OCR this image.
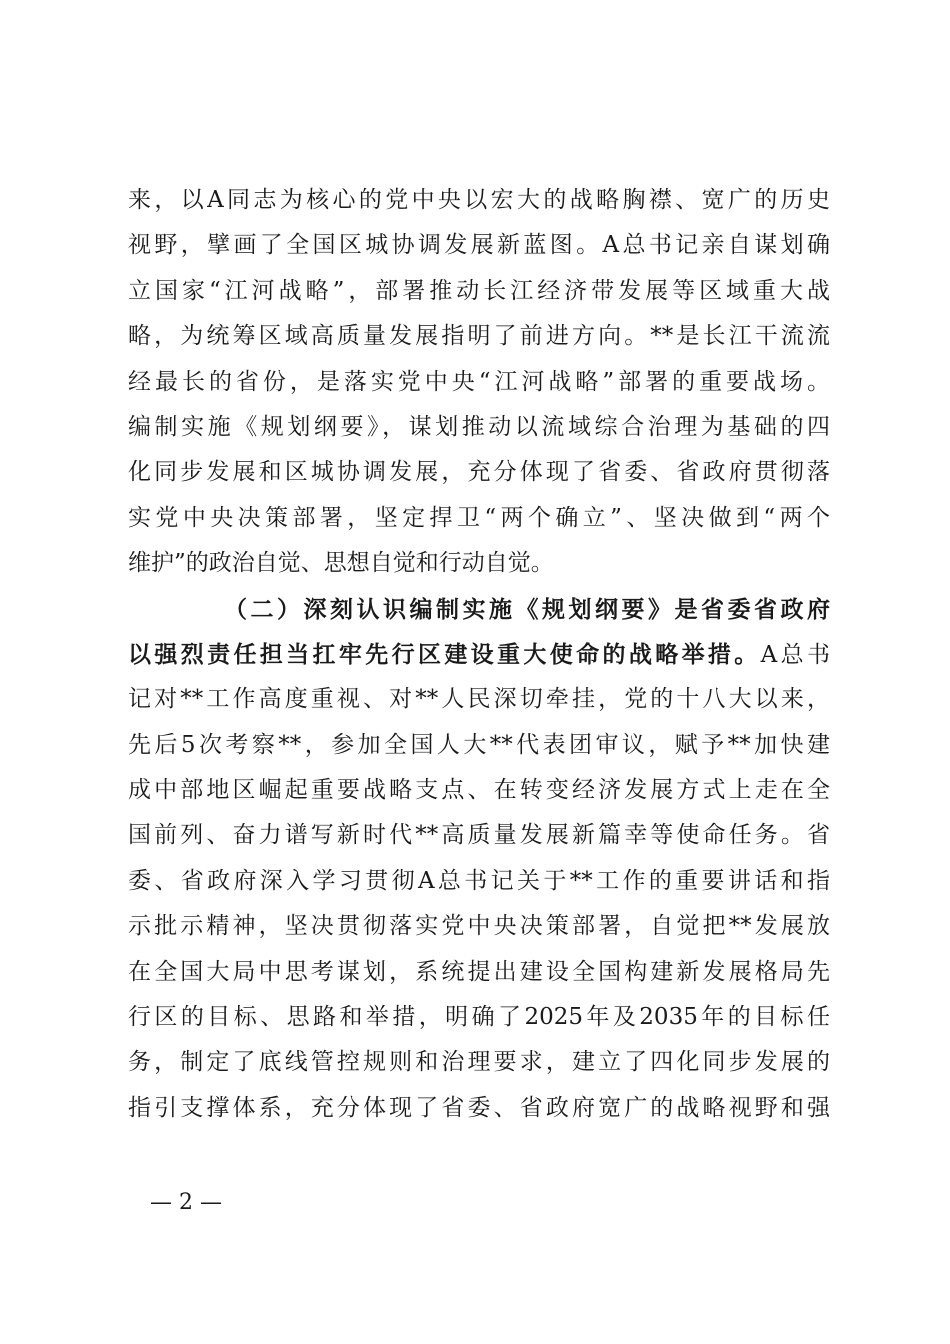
来，以A同志为核心的党中央以宏大的战略胸襟、宽广的历史
视野，擘画了全国区城协调发展新蓝图。A总书记亲自谋划确
立国家“江河战略”，部署推动长江经济带发展等区域重大战
略，为统筹区域高质量发展指明了前进方向。**是长江干流流
经最长的省份，是落实党中央“江河战略”部署的重要战场。
编制实施《规划纲要》，谋划推动以流域综合治理为基础的四
化同步发展和区城协调发展，充分体现了省委、省政府贯彻落
实党中央决策部署，坚定捍卫“两个确立”、坚决做到“两个
维护”的政治自觉、思想自觉和行动自觉。
（二）深刻认识编制实施《规划纲要》是省委省政府
以强烈责任担当扛牢先行区建设重大使命的战略举措。A总书
记对**工作高度重视、对**人民深切牵挂，党的十八大以来，
先后5次考察**，参加全国人大**代表团审议，赋予**加快建
成中部地区崛起重要战略支点、在转变经济发展方式上走在全
国前列、奋力谱写新时代**高质量发展新篇幸等使命任务。省
委、省政府深入学习贯彻A总书记关于**工作的重要讲话和指
示批示精神，坚决贯彻落实党中央决策部署，自觉把**发展放
在全国大局中思考谋划，系统提出建设全国构建新发展格局先
行区的目标、思路和举措，明确了2025年及2035年的目标任
务，制定了底线管控规则和治理要求，建立了四化同步发展的
指引支撑体系，充分体现了省委、省政府宽广的战略视野和强
— 2 —
